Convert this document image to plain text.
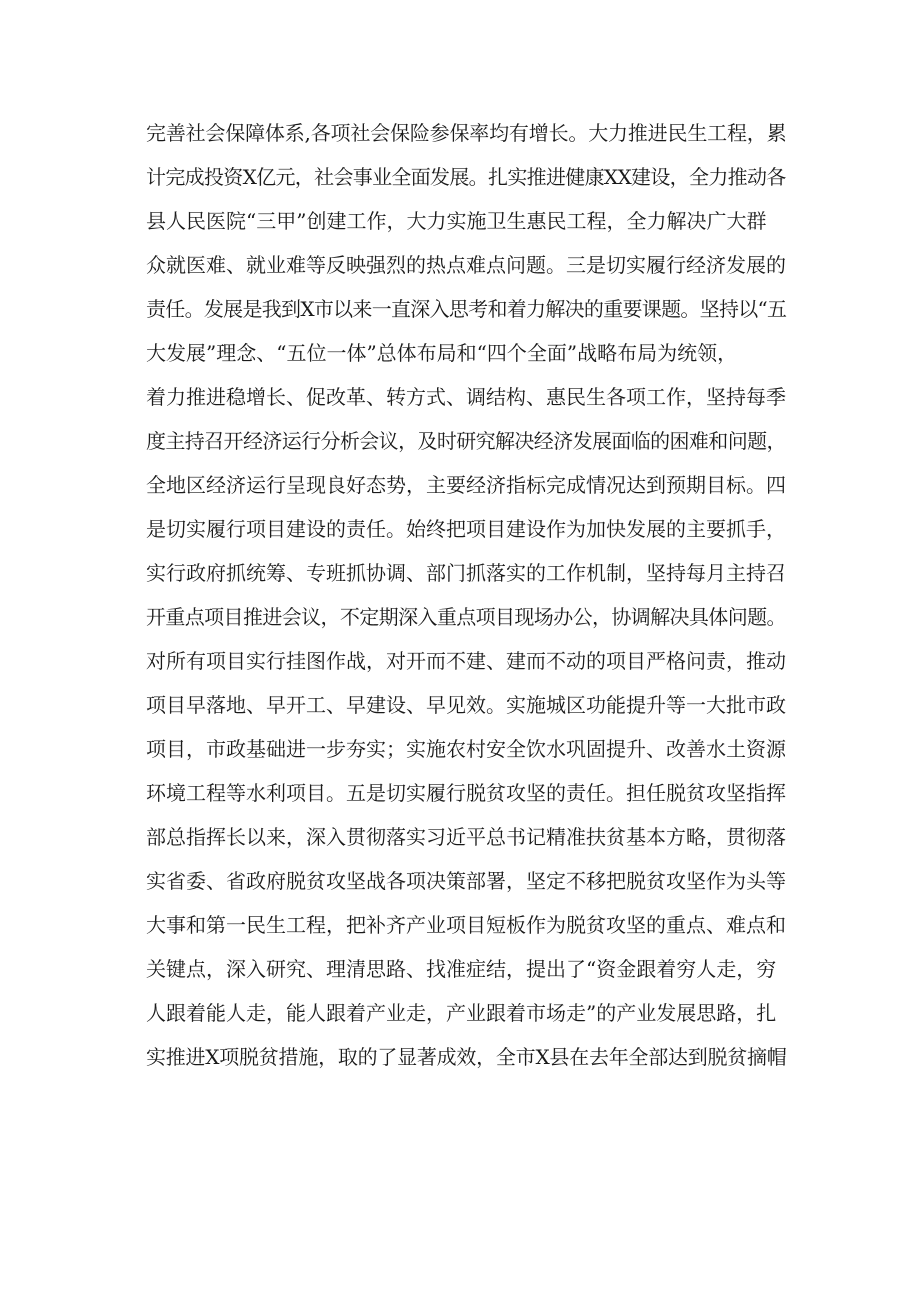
完善社会保障体系,各项社会保险参保率均有增长。大力推进民生工程，累
计完成投资X亿元，社会事业全面发展。扎实推进健康XX建设，全力推动各
县人民医院“三甲”创建工作，大力实施卫生惠民工程，全力解决广大群
众就医难、就业难等反映强烈的热点难点问题。三是切实履行经济发展的
责任。发展是我到X市以来一直深入思考和着力解决的重要课题。坚持以“五
大发展”理念、“五位一体”总体布局和“四个全面”战略布局为统领，
着力推进稳增长、促改革、转方式、调结构、惠民生各项工作，坚持每季
度主持召开经济运行分析会议，及时研究解决经济发展面临的困难和问题，
全地区经济运行呈现良好态势，主要经济指标完成情况达到预期目标。四
是切实履行项目建设的责任。始终把项目建设作为加快发展的主要抓手，
实行政府抓统筹、专班抓协调、部门抓落实的工作机制，坚持每月主持召
开重点项目推进会议，不定期深入重点项目现场办公，协调解决具体问题。
对所有项目实行挂图作战，对开而不建、建而不动的项目严格问责，推动
项目早落地、早开工、早建设、早见效。实施城区功能提升等一大批市政
项目，市政基础进一步夯实；实施农村安全饮水巩固提升、改善水土资源
环境工程等水利项目。五是切实履行脱贫攻坚的责任。担任脱贫攻坚指挥
部总指挥长以来，深入贯彻落实习近平总书记精准扶贫基本方略，贯彻落
实省委、省政府脱贫攻坚战各项决策部署，坚定不移把脱贫攻坚作为头等
大事和第一民生工程，把补齐产业项目短板作为脱贫攻坚的重点、难点和
关键点，深入研究、理清思路、找准症结，提出了“资金跟着穷人走，穷
人跟着能人走，能人跟着产业走，产业跟着市场走”的产业发展思路，扎
实推进X项脱贫措施，取的了显著成效，全市X县在去年全部达到脱贫摘帽
